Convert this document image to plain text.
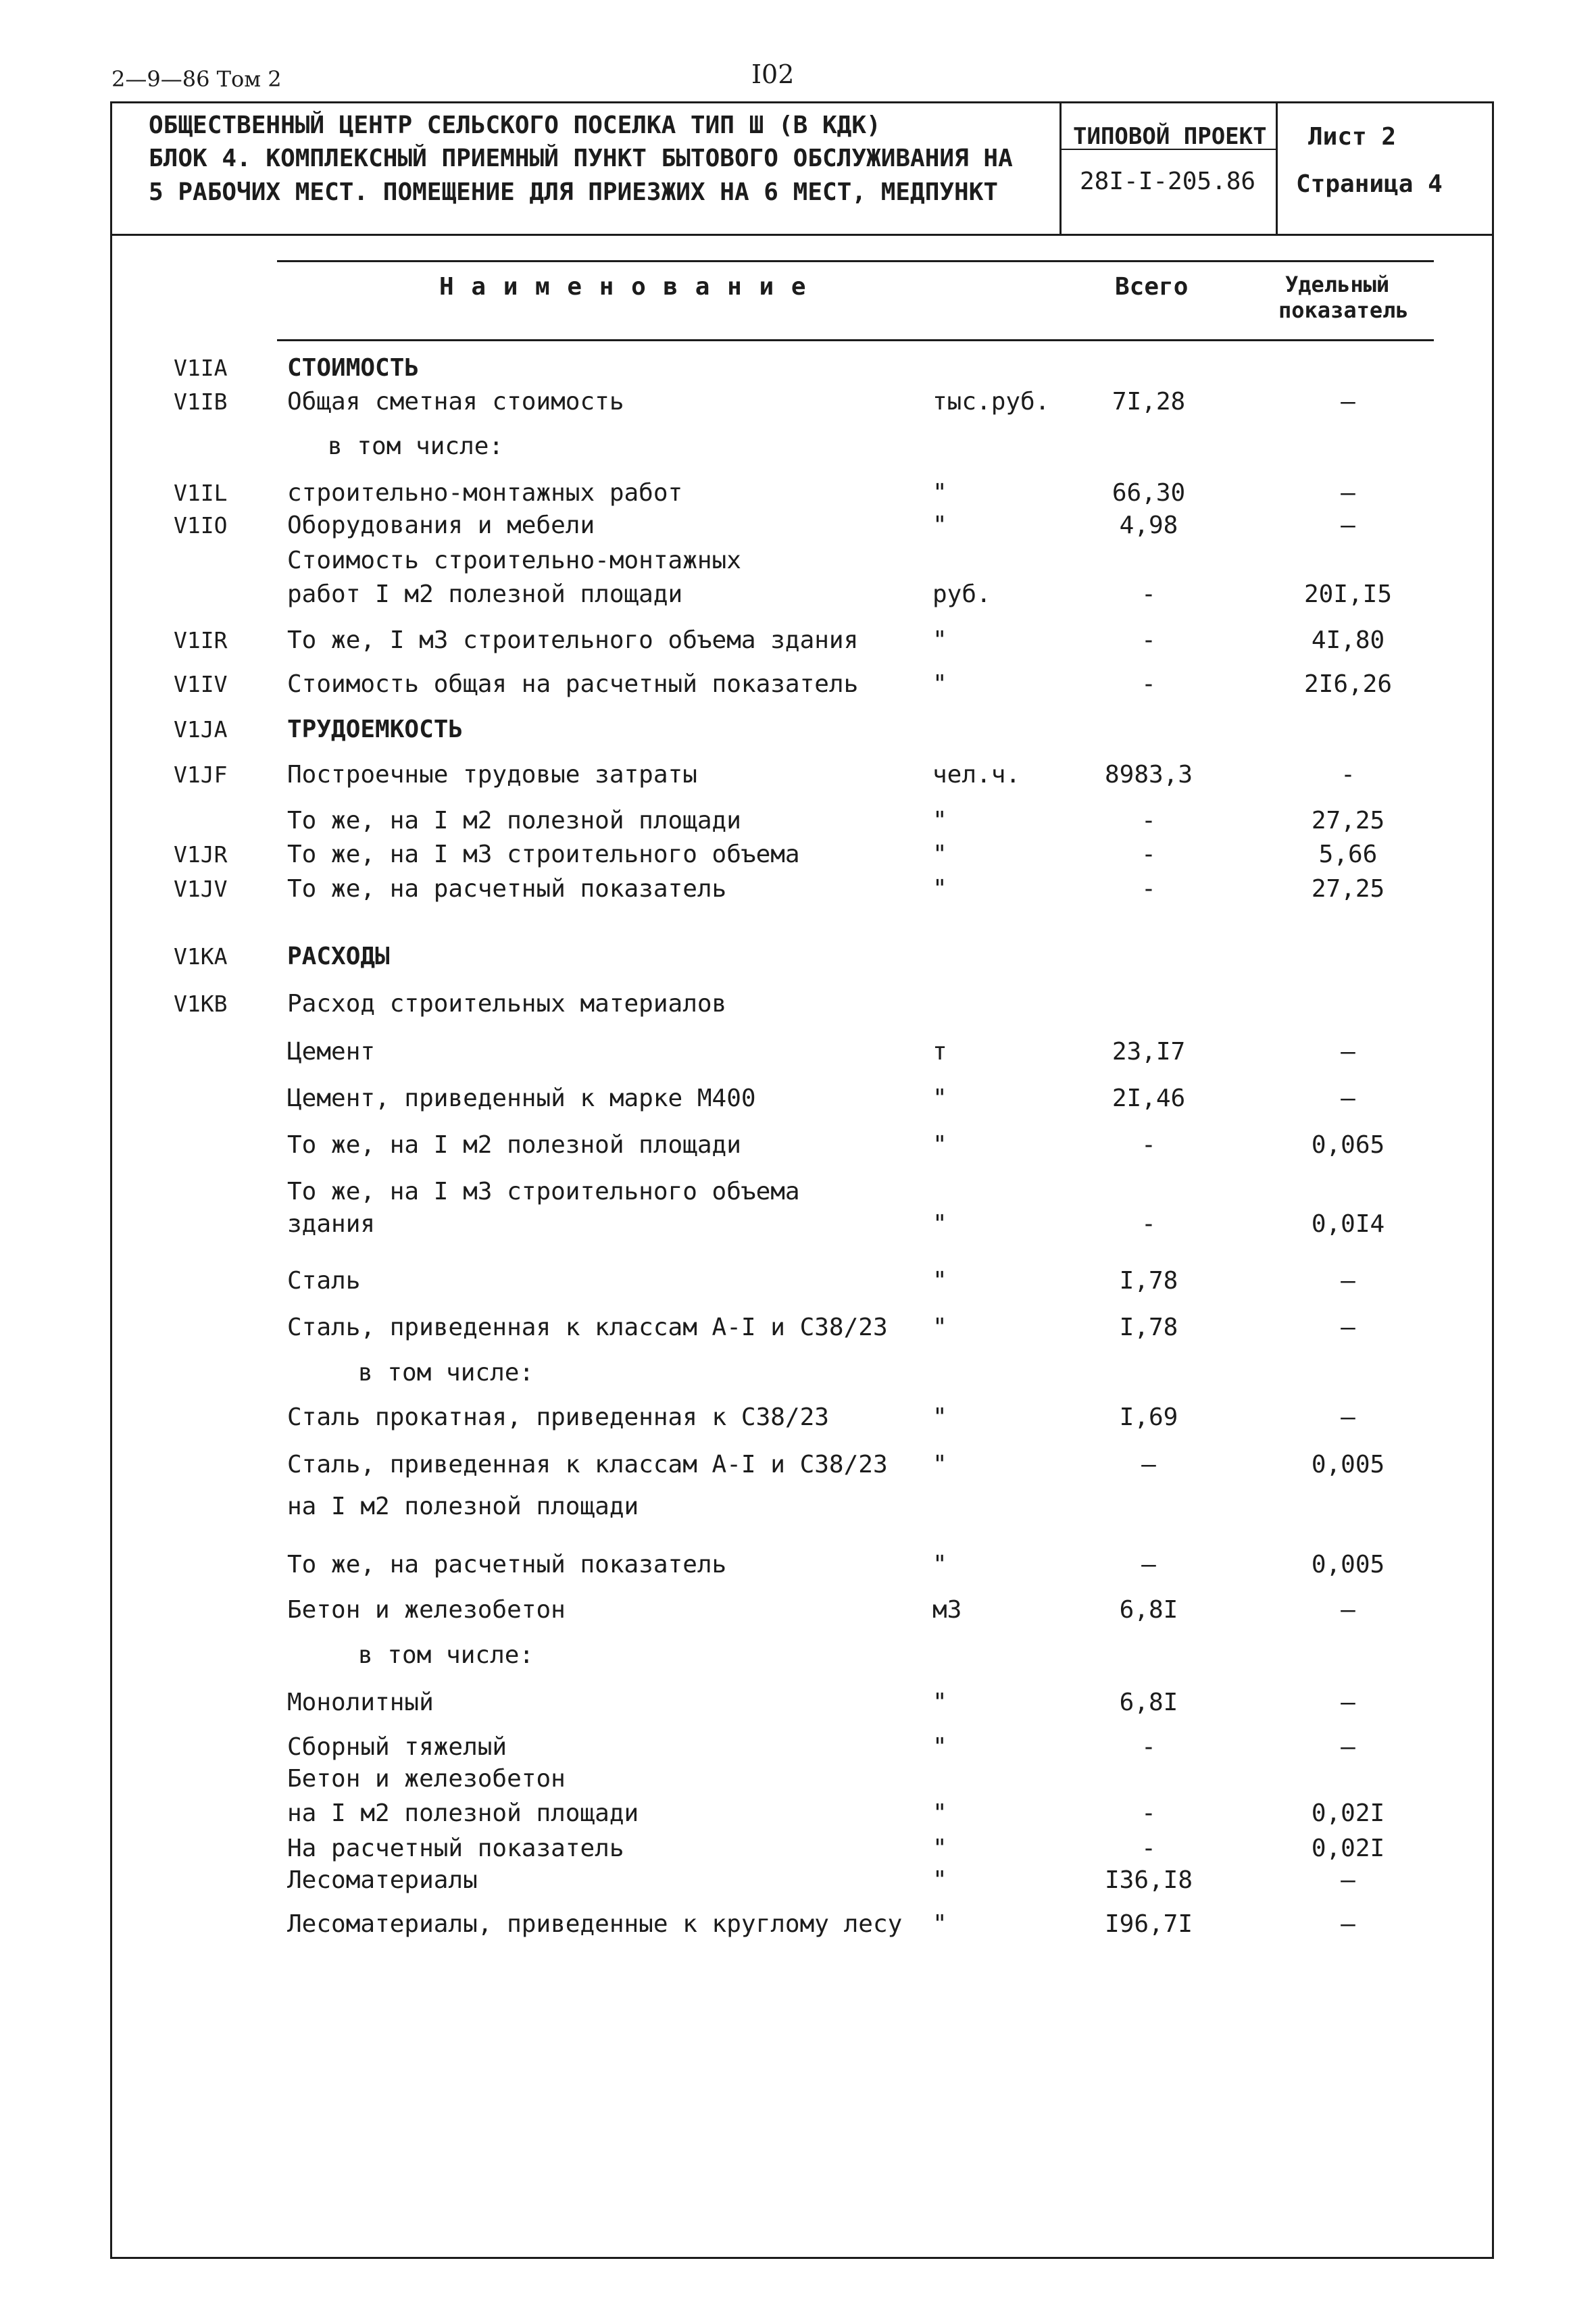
2—9—86 Том 2	I02
ОБЩЕСТВЕННЫЙ ЦЕНТР СЕЛЬСКОГО ПОСЕЛКА ТИП Ш (В КДК)
БЛОК 4. КОМПЛЕКСНЫЙ ПРИЕМНЫЙ ПУНКТ БЫТОВОГО ОБСЛУЖИВАНИЯ НА
5 РАБОЧИХ МЕСТ. ПОМЕЩЕНИЕ ДЛЯ ПРИЕЗЖИХ НА 6 МЕСТ, МЕДПУНКТ
ТИПОВОЙ ПРОЕКТ
28I-I-205.86
Лист 2
Страница 4
Н а и м е н о в а н и е	Всего	Удельный
показатель
V1IA СТОИМОСТЬ
V1IB Общая сметная стоимость	тыс.руб.	7I,28	—
в том числе:
V1IL строительно-монтажных работ	"	66,30	—
V1IO Оборудования и мебели	"	4,98	—
Стоимость строительно-монтажных
работ I м2 полезной площади	руб.	-	20I,I5
V1IR То же, I м3 строительного объема здания	"	-	4I,80
V1IV Стоимость общая на расчетный показатель	"	-	2I6,26
V1JA ТРУДОЕМКОСТЬ
V1JF Построечные трудовые затраты	чел.ч.	8983,3	-
То же, на I м2 полезной площади	"	-	27,25
V1JR То же, на I м3 строительного объема	"	-	5,66
V1JV То же, на расчетный показатель	"	-	27,25
V1KA РАСХОДЫ
V1KB Расход строительных материалов
Цемент	т	23,I7	—
Цемент, приведенный к марке М400	"	2I,46	—
То же, на I м2 полезной площади	"	-	0,065
То же, на I м3 строительного объема
здания	"	-	0,0I4
Сталь	"	I,78	—
Сталь, приведенная к классам А-I и С38/23 "	I,78	—
в том числе:
Сталь прокатная, приведенная к С38/23	"	I,69	—
Сталь, приведенная к классам А-I и С38/23 "	—	0,005
на I м2 полезной площади
То же, на расчетный показатель	"	—	0,005
Бетон и железобетон	м3	6,8I	—
в том числе:
Монолитный	"	6,8I	—
Сборный тяжелый	"	-	—
Бетон и железобетон
на I м2 полезной площади	"	-	0,02I
На расчетный показатель	"	-	0,02I
Лесоматериалы	"	I36,I8	—
Лесоматериалы, приведенные к круглому лесу "	I96,7I	—
